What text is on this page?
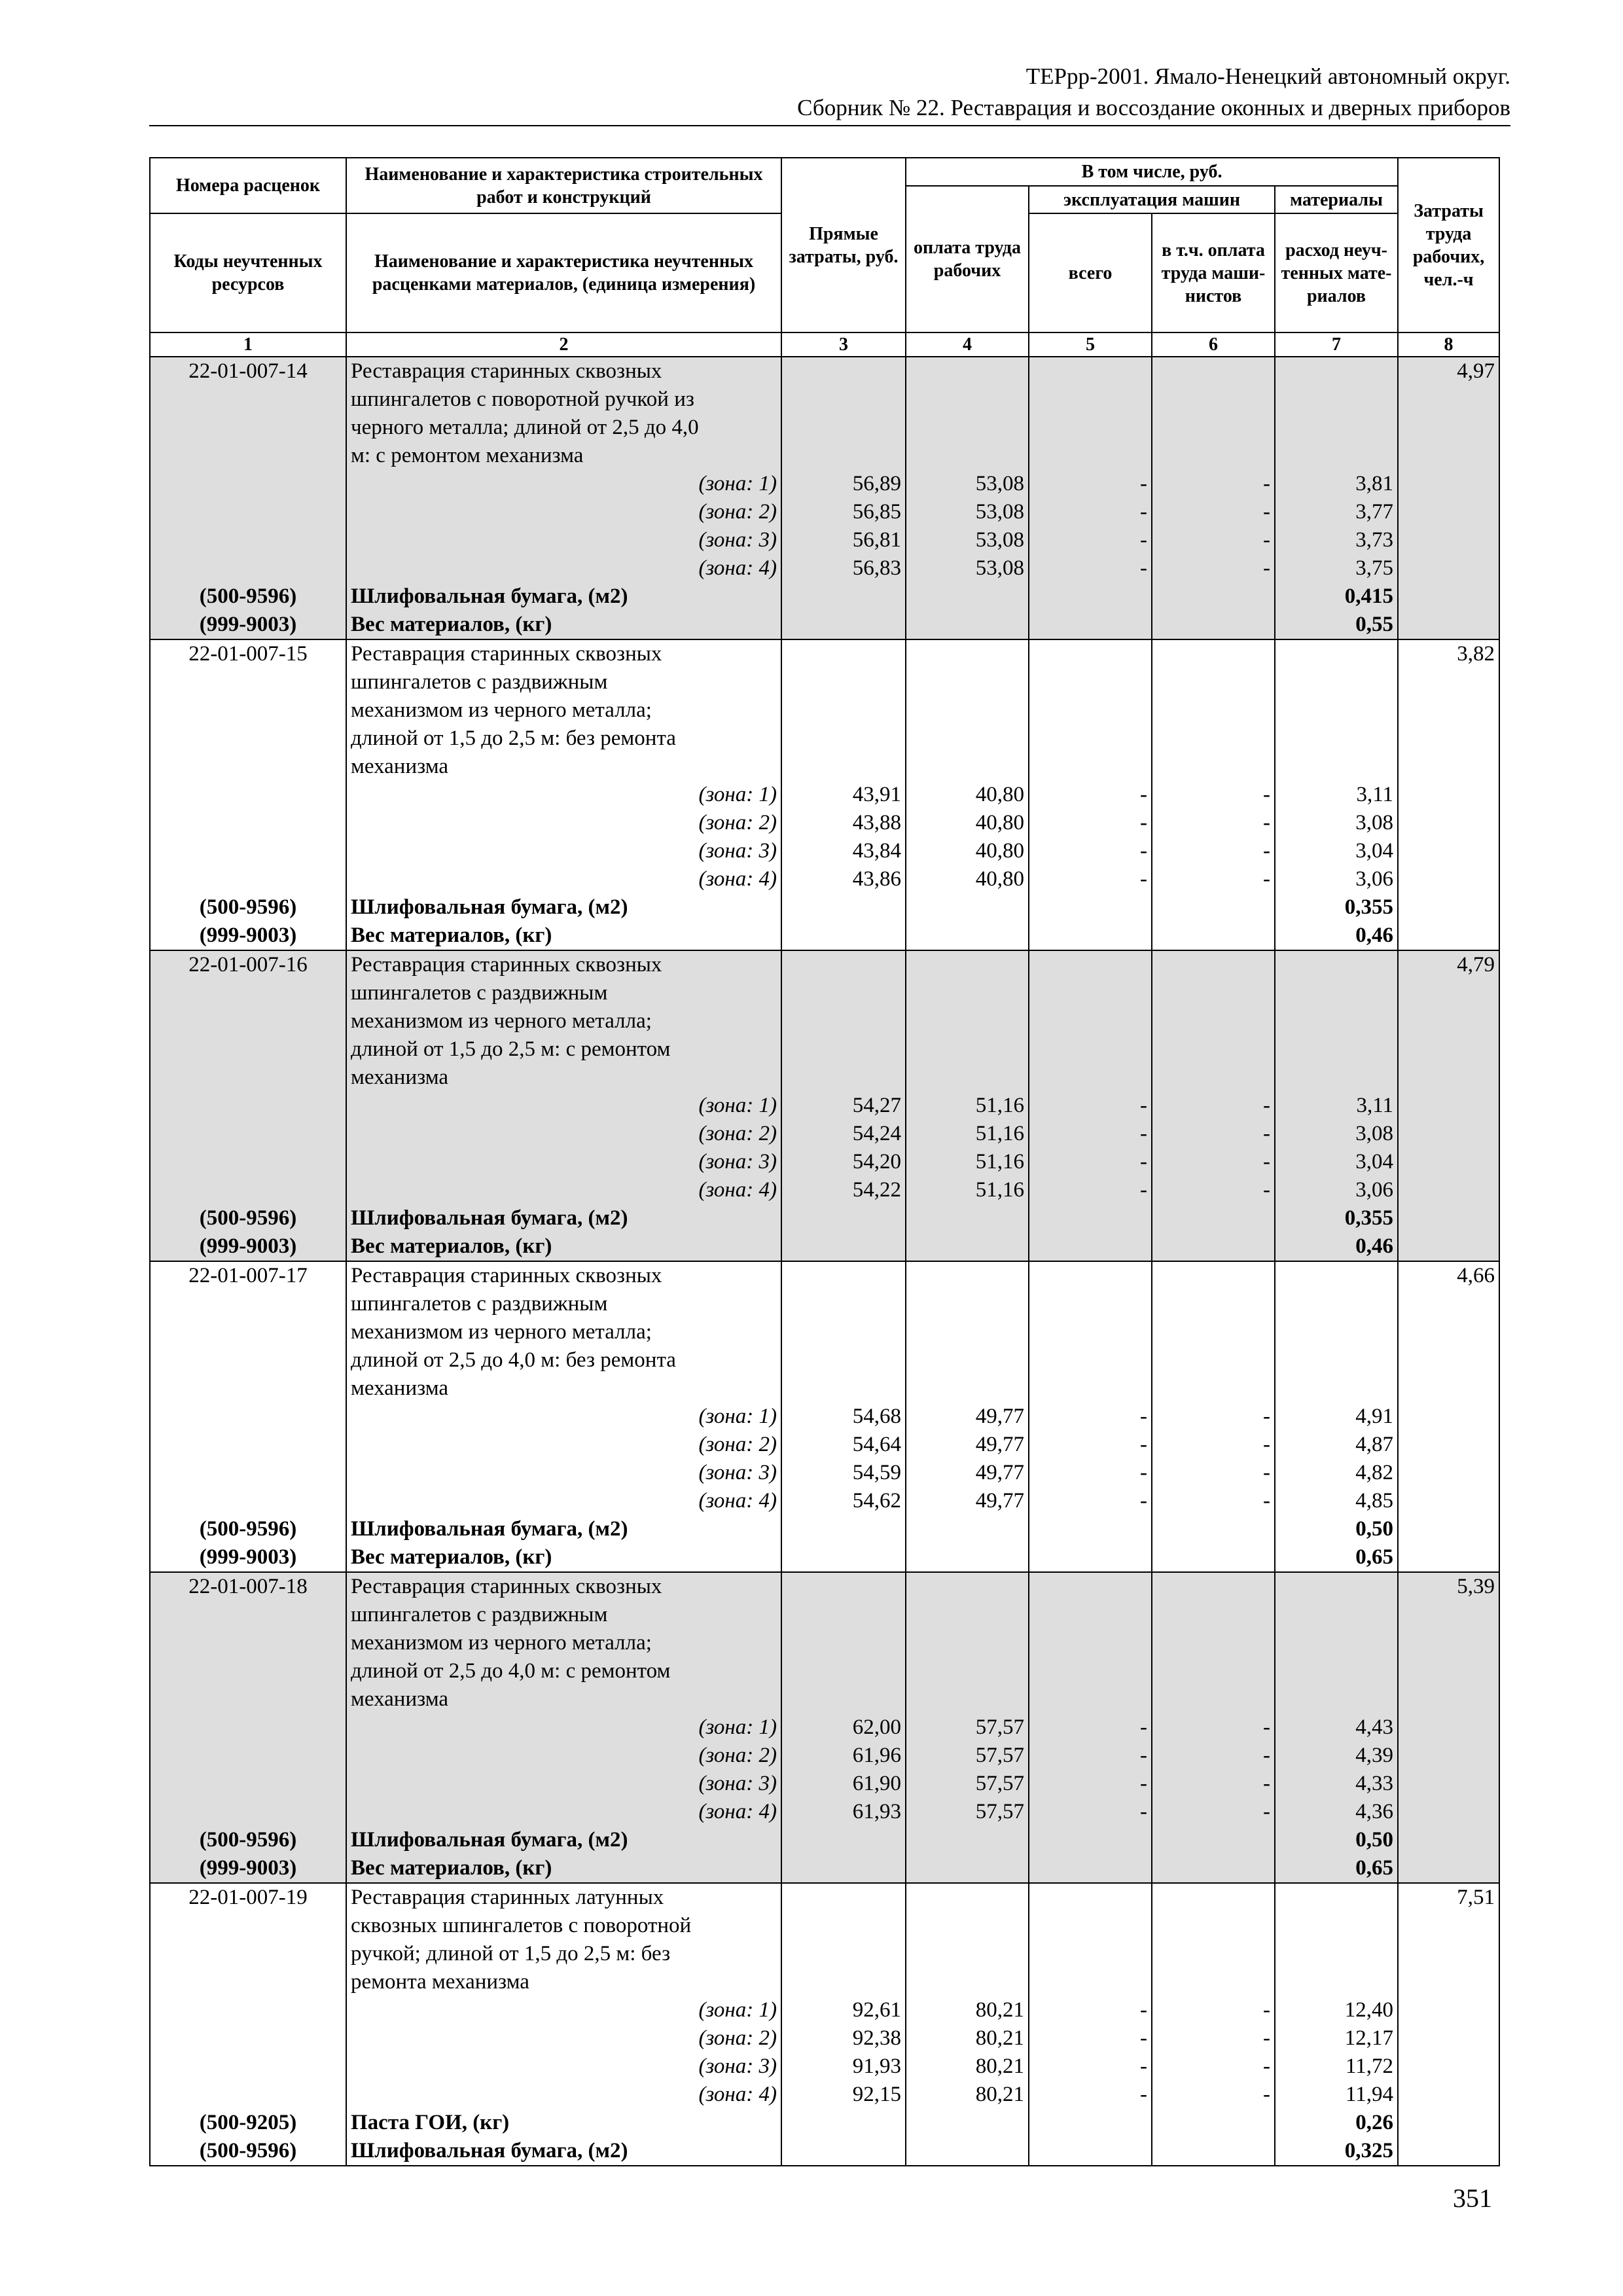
ТЕРрр-2001. Ямало-Ненецкий автономный округ.
Сборник № 22. Реставрация и воссоздание оконных и дверных приборов
Номера расценок	Наименование и характеристика строительных работ и конструкций	Прямые затраты, руб.	В том числе, руб.				Затраты труда рабочих, чел.-ч
			оплата труда рабочих	эксплуатация машин		материалы	
Коды неучтенных ресурсов	Наименование и характеристика неучтенных расценками материалов, (единица измерения)			всего	в т.ч. оплата труда маши-нистов	расход неуч-тенных мате-риалов	

1	2	3	4	5	6	7	8
22-01-007-14	Реставрация старинных сквозных						4,97
	шпингалетов с поворотной ручкой из						
	черного металла; длиной от 2,5 до 4,0						
	м: с ремонтом механизма						
	(зона: 1)	56,89	53,08	-	-	3,81	
	(зона: 2)	56,85	53,08	-	-	3,77	
	(зона: 3)	56,81	53,08	-	-	3,73	
	(зона: 4)	56,83	53,08	-	-	3,75	
(500-9596)	Шлифовальная бумага, (м2)					0,415	
(999-9003)	Вес материалов, (кг)					0,55	
22-01-007-15	Реставрация старинных сквозных						3,82
	шпингалетов с раздвижным						
	механизмом из черного металла;						
	длиной от 1,5 до 2,5 м: без ремонта						
	механизма						
	(зона: 1)	43,91	40,80	-	-	3,11	
	(зона: 2)	43,88	40,80	-	-	3,08	
	(зона: 3)	43,84	40,80	-	-	3,04	
	(зона: 4)	43,86	40,80	-	-	3,06	
(500-9596)	Шлифовальная бумага, (м2)					0,355	
(999-9003)	Вес материалов, (кг)					0,46	
22-01-007-16	Реставрация старинных сквозных						4,79
	шпингалетов с раздвижным						
	механизмом из черного металла;						
	длиной от 1,5 до 2,5 м: с ремонтом						
	механизма						
	(зона: 1)	54,27	51,16	-	-	3,11	
	(зона: 2)	54,24	51,16	-	-	3,08	
	(зона: 3)	54,20	51,16	-	-	3,04	
	(зона: 4)	54,22	51,16	-	-	3,06	
(500-9596)	Шлифовальная бумага, (м2)					0,355	
(999-9003)	Вес материалов, (кг)					0,46	
22-01-007-17	Реставрация старинных сквозных						4,66
	шпингалетов с раздвижным						
	механизмом из черного металла;						
	длиной от 2,5 до 4,0 м: без ремонта						
	механизма						
	(зона: 1)	54,68	49,77	-	-	4,91	
	(зона: 2)	54,64	49,77	-	-	4,87	
	(зона: 3)	54,59	49,77	-	-	4,82	
	(зона: 4)	54,62	49,77	-	-	4,85	
(500-9596)	Шлифовальная бумага, (м2)					0,50	
(999-9003)	Вес материалов, (кг)					0,65	
22-01-007-18	Реставрация старинных сквозных						5,39
	шпингалетов с раздвижным						
	механизмом из черного металла;						
	длиной от 2,5 до 4,0 м: с ремонтом						
	механизма						
	(зона: 1)	62,00	57,57	-	-	4,43	
	(зона: 2)	61,96	57,57	-	-	4,39	
	(зона: 3)	61,90	57,57	-	-	4,33	
	(зона: 4)	61,93	57,57	-	-	4,36	
(500-9596)	Шлифовальная бумага, (м2)					0,50	
(999-9003)	Вес материалов, (кг)					0,65	
22-01-007-19	Реставрация старинных латунных						7,51
	сквозных шпингалетов с поворотной						
	ручкой; длиной от 1,5 до 2,5 м: без						
	ремонта механизма						
	(зона: 1)	92,61	80,21	-	-	12,40	
	(зона: 2)	92,38	80,21	-	-	12,17	
	(зона: 3)	91,93	80,21	-	-	11,72	
	(зона: 4)	92,15	80,21	-	-	11,94	
(500-9205)	Паста ГОИ, (кг)					0,26	
(500-9596)	Шлифовальная бумага, (м2)					0,325	
351
